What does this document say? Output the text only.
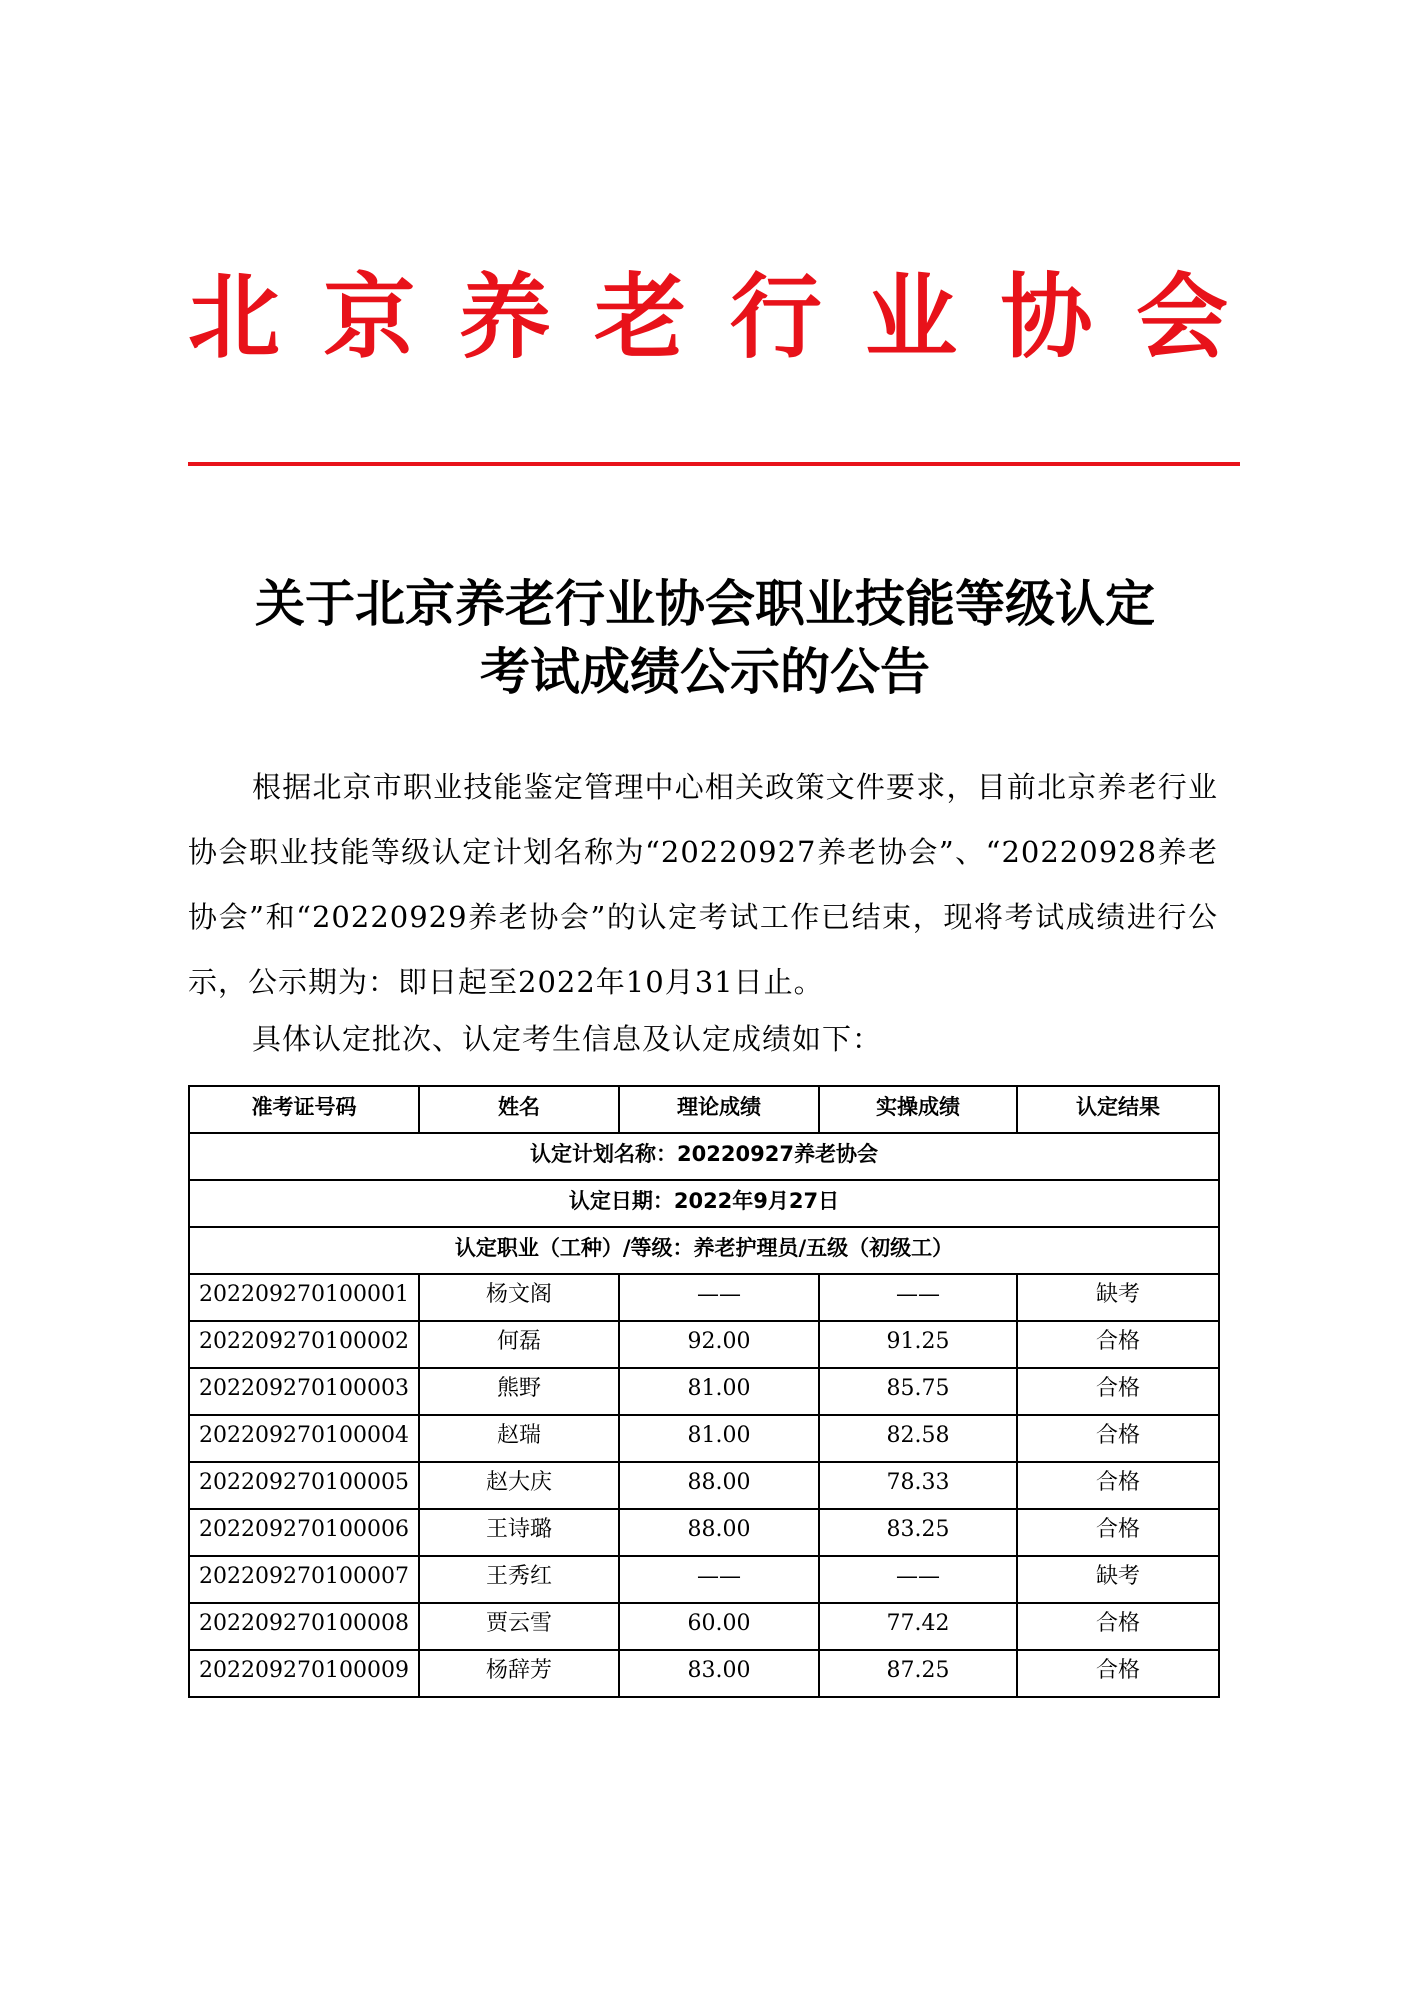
北 京 养 老 行 业 协 会
关于北京养老行业协会职业技能等级认定
考试成绩公示的公告
根据北京市职业技能鉴定管理中心相关政策文件要求，目前北京养老行业协会职业技能等级认定计划名称为“20220927养老协会”、“20220928养老协会”和“20220929养老协会”的认定考试工作已结束，现将考试成绩进行公示，公示期为：即日起至2022年10月31日止。
具体认定批次、认定考生信息及认定成绩如下：
认定计划名称：20220927养老协会				
认定日期：2022年9月27日				
认定职业（工种）/等级：养老护理员/五级（初级工）				
准考证号码	姓名	理论成绩	实操成绩	认定结果
202209270100001	杨文阁	——	——	缺考
202209270100002	何磊	92.00	91.25	合格
202209270100003	熊野	81.00	85.75	合格
202209270100004	赵瑞	81.00	82.58	合格
202209270100005	赵大庆	88.00	78.33	合格
202209270100006	王诗璐	88.00	83.25	合格
202209270100007	王秀红	——	——	缺考
202209270100008	贾云雪	60.00	77.42	合格
202209270100009	杨辞芳	83.00	87.25	合格
